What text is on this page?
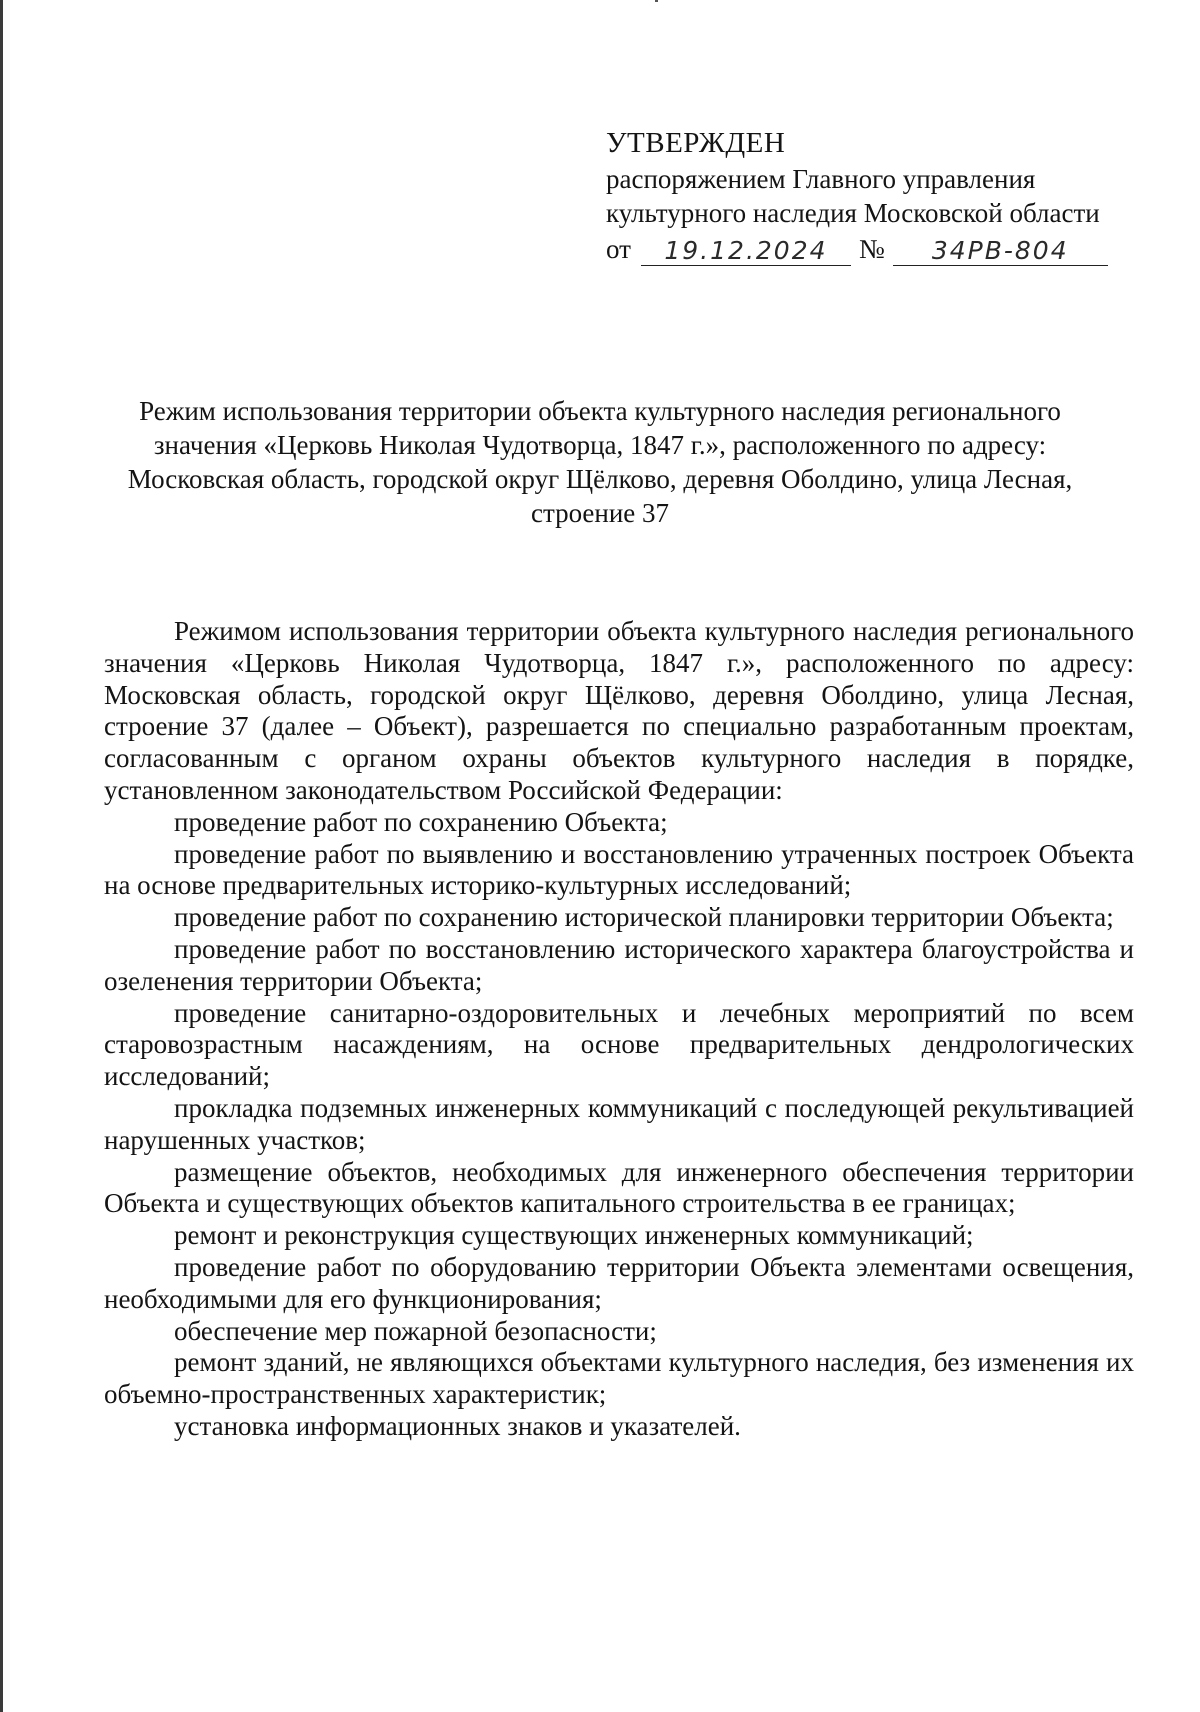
УТВЕРЖДЕН
распоряжением Главного управления
культурного наследия Московской области
от	19.12.2024	№	34РВ-804
Режим использования территории объекта культурного наследия регионального значения «Церковь Николая Чудотворца, 1847 г.», расположенного по адресу: Московская область, городской округ Щёлково, деревня Оболдино, улица Лесная, строение 37

Режимом использования территории объекта культурного наследия регионального значения «Церковь Николая Чудотворца, 1847 г.», расположенного по адресу: Московская область, городской округ Щёлково, деревня Оболдино, улица Лесная, строение 37 (далее – Объект), разрешается по специально разработанным проектам, согласованным с органом охраны объектов культурного наследия в порядке, установленном законодательством Российской Федерации:

проведение работ по сохранению Объекта;

проведение работ по выявлению и восстановлению утраченных построек Объекта на основе предварительных историко-культурных исследований;

проведение работ по сохранению исторической планировки территории Объекта;

проведение работ по восстановлению исторического характера благоустройства и озеленения территории Объекта;

проведение санитарно-оздоровительных и лечебных мероприятий по всем старовозрастным насаждениям, на основе предварительных дендрологических исследований;

прокладка подземных инженерных коммуникаций с последующей рекультивацией нарушенных участков;

размещение объектов, необходимых для инженерного обеспечения территории Объекта и существующих объектов капитального строительства в ее границах;

ремонт и реконструкция существующих инженерных коммуникаций;

проведение работ по оборудованию территории Объекта элементами освещения, необходимыми для его функционирования;

обеспечение мер пожарной безопасности;

ремонт зданий, не являющихся объектами культурного наследия, без изменения их объемно-пространственных характеристик;

установка информационных знаков и указателей.
